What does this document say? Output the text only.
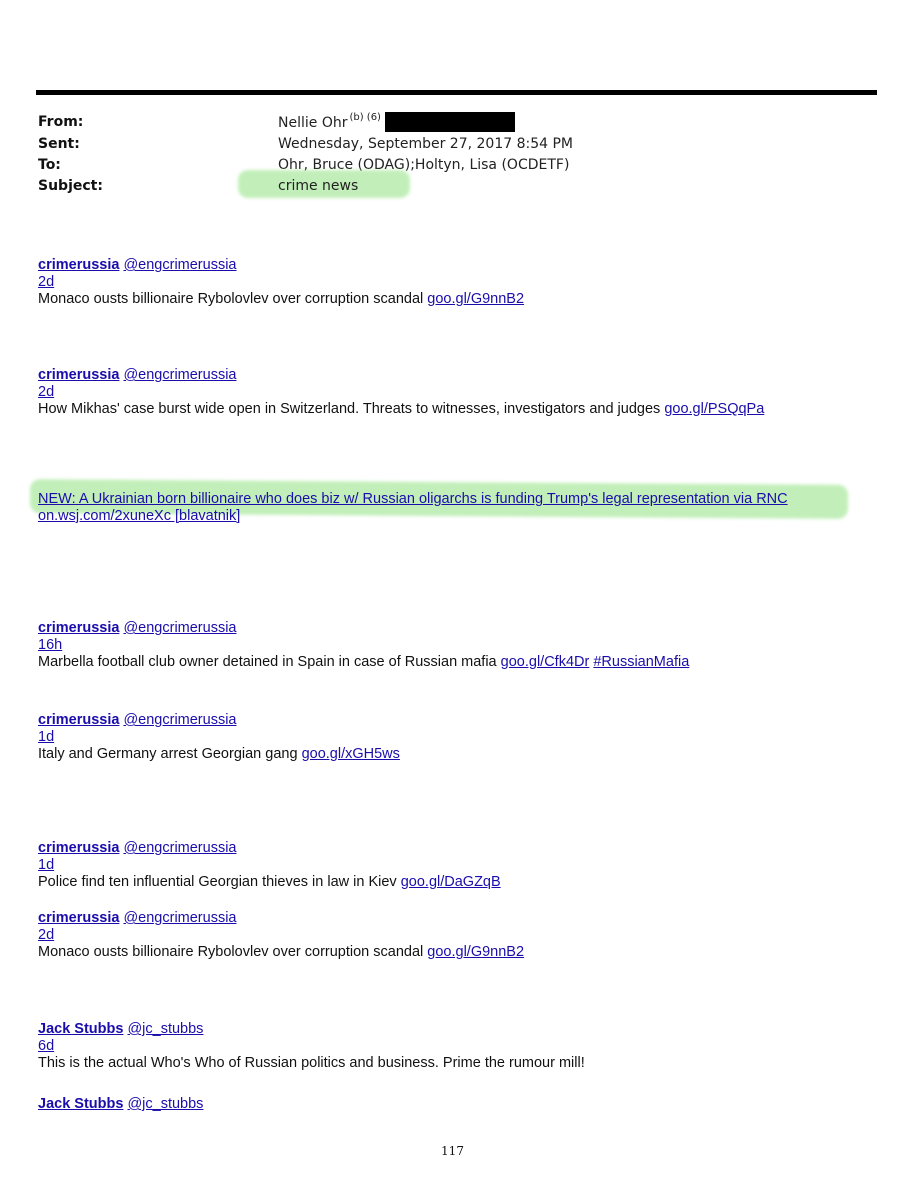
From:
Sent:
To:
Subject:
Nellie Ohr $^{(b) (6)}$
Wednesday, September 27, 2017 8:54 PM
Ohr, Bruce (ODAG);Holtyn, Lisa (OCDETF)
crime news
crimerussia @engcrimerussia
2d
Monaco ousts billionaire Rybolovlev over corruption scandal goo.gl/G9nnB2
crimerussia @engcrimerussia
2d
How Mikhas' case burst wide open in Switzerland. Threats to witnesses, investigators and judges goo.gl/PSQqPa
NEW: A Ukrainian born billionaire who does biz w/ Russian oligarchs is funding Trump's legal representation via RNC
on.wsj.com/2xuneXc [blavatnik]
crimerussia @engcrimerussia
16h
Marbella football club owner detained in Spain in case of Russian mafia goo.gl/Cfk4Dr #RussianMafia
crimerussia @engcrimerussia
1d
Italy and Germany arrest Georgian gang goo.gl/xGH5ws
crimerussia @engcrimerussia
1d
Police find ten influential Georgian thieves in law in Kiev goo.gl/DaGZqB
crimerussia @engcrimerussia
2d
Monaco ousts billionaire Rybolovlev over corruption scandal goo.gl/G9nnB2
Jack Stubbs @jc_stubbs
6d
This is the actual Who's Who of Russian politics and business. Prime the rumour mill!
Jack Stubbs @jc_stubbs
117
